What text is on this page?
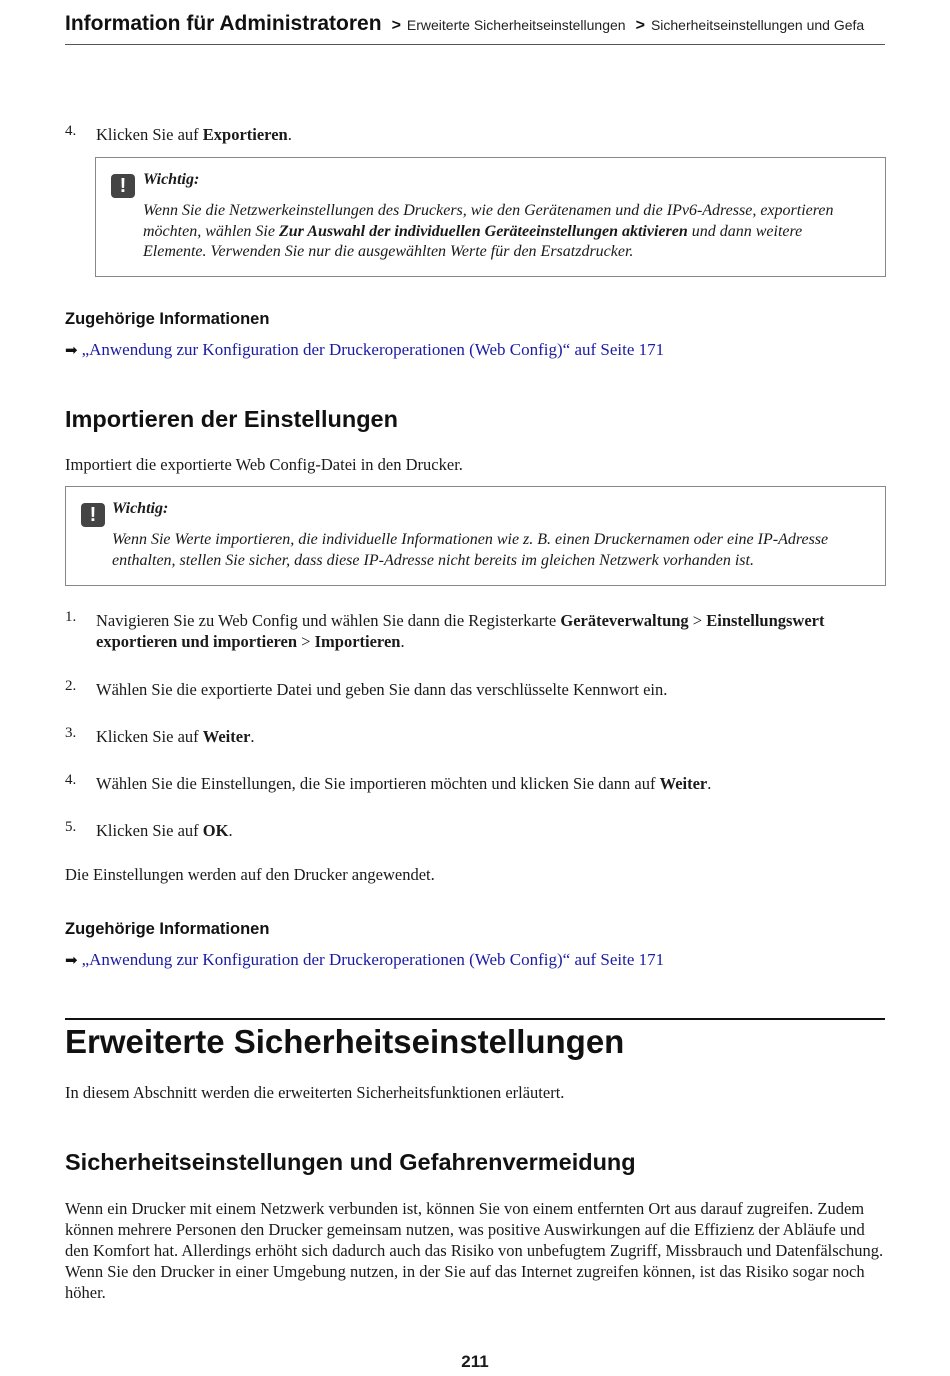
Information für Administratoren > Erweiterte Sicherheitseinstellungen > Sicherheitseinstellungen und Gefa
4. Klicken Sie auf Exportieren.
!	Wichtig:
Wenn Sie die Netzwerkeinstellungen des Druckers, wie den Gerätenamen und die IPv6-Adresse, exportieren möchten, wählen Sie Zur Auswahl der individuellen Geräteeinstellungen aktivieren und dann weitere Elemente. Verwenden Sie nur die ausgewählten Werte für den Ersatzdrucker.
Zugehörige Informationen
➡ „Anwendung zur Konfiguration der Druckeroperationen (Web Config)“ auf Seite 171
Importieren der Einstellungen
Importiert die exportierte Web Config-Datei in den Drucker.
! Wichtig:
Wenn Sie Werte importieren, die individuelle Informationen wie z. B. einen Druckernamen oder eine IP-Adresse enthalten, stellen Sie sicher, dass diese IP-Adresse nicht bereits im gleichen Netzwerk vorhanden ist.
1. Navigieren Sie zu Web Config und wählen Sie dann die Registerkarte Geräteverwaltung > Einstellungswert exportieren und importieren > Importieren.
2. Wählen Sie die exportierte Datei und geben Sie dann das verschlüsselte Kennwort ein.
3. Klicken Sie auf Weiter.
4. Wählen Sie die Einstellungen, die Sie importieren möchten und klicken Sie dann auf Weiter.
5. Klicken Sie auf OK.
Die Einstellungen werden auf den Drucker angewendet.
Zugehörige Informationen
➡ „Anwendung zur Konfiguration der Druckeroperationen (Web Config)“ auf Seite 171
Erweiterte Sicherheitseinstellungen
In diesem Abschnitt werden die erweiterten Sicherheitsfunktionen erläutert.
Sicherheitseinstellungen und Gefahrenvermeidung
Wenn ein Drucker mit einem Netzwerk verbunden ist, können Sie von einem entfernten Ort aus darauf zugreifen. Zudem können mehrere Personen den Drucker gemeinsam nutzen, was positive Auswirkungen auf die Effizienz der Abläufe und den Komfort hat. Allerdings erhöht sich dadurch auch das Risiko von unbefugtem Zugriff, Missbrauch und Datenfälschung. Wenn Sie den Drucker in einer Umgebung nutzen, in der Sie auf das Internet zugreifen können, ist das Risiko sogar noch höher.
211
